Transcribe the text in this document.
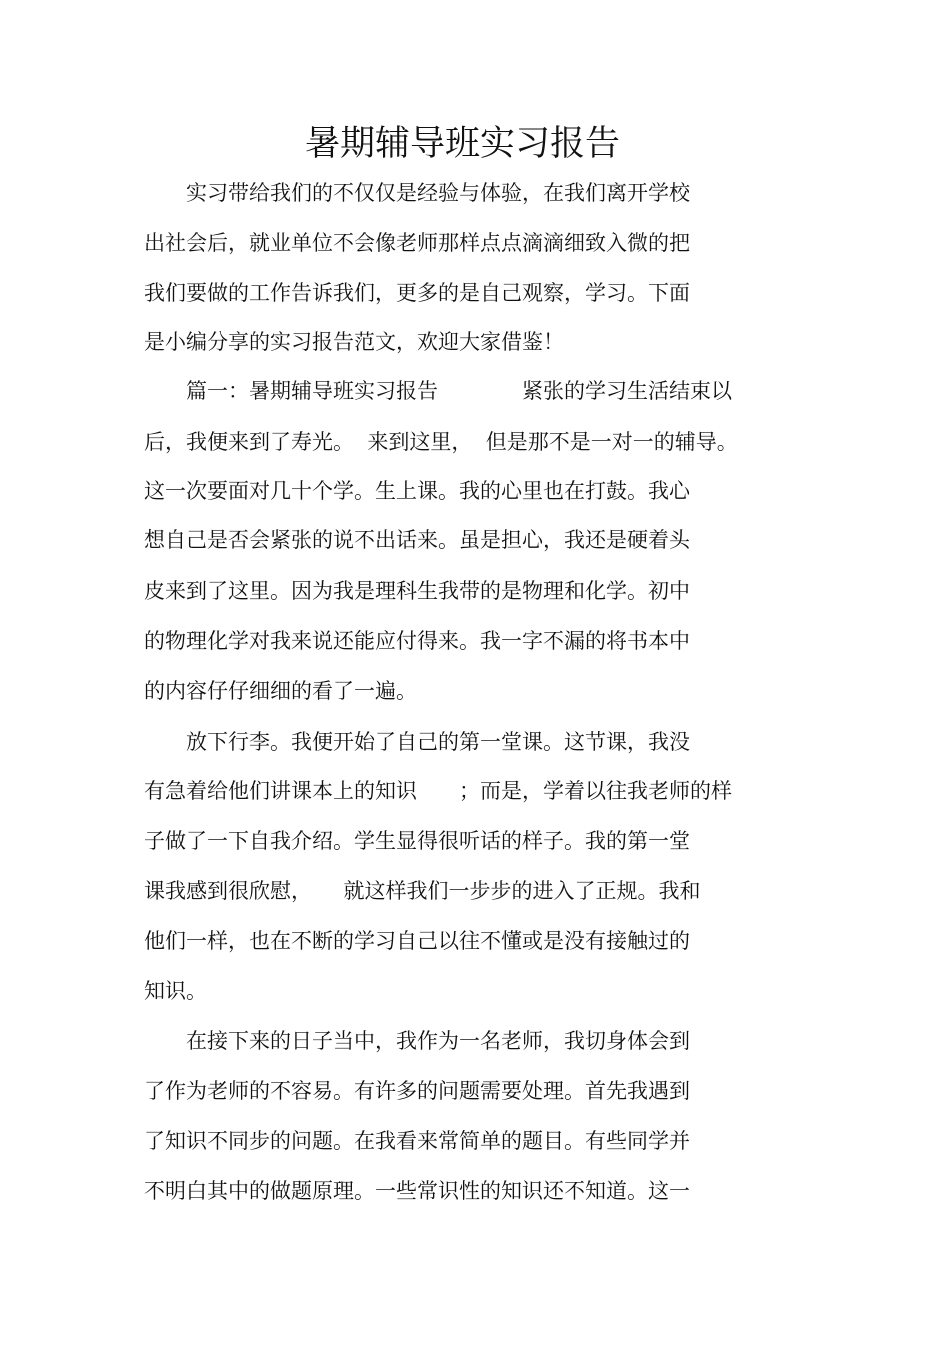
暑期辅导班实习报告

　　实习带给我们的不仅仅是经验与体验，在我们离开学校

出社会后，就业单位不会像老师那样点点滴滴细致入微的把

我们要做的工作告诉我们，更多的是自己观察，学习。下面

是小编分享的实习报告范文，欢迎大家借鉴！

　　篇一：暑期辅导班实习报告　　　　紧张的学习生活结束以

后，我便来到了寿光。  来到这里，  但是那不是一对一的辅导。

这一次要面对几十个学。生上课。我的心里也在打鼓。我心

想自己是否会紧张的说不出话来。虽是担心，我还是硬着头

皮来到了这里。因为我是理科生我带的是物理和化学。初中

的物理化学对我来说还能应付得来。我一字不漏的将书本中

的内容仔仔细细的看了一遍。

　　放下行李。我便开始了自己的第一堂课。这节课，我没

有急着给他们讲课本上的知识　　；而是，学着以往我老师的样

子做了一下自我介绍。学生显得很听话的样子。我的第一堂

课我感到很欣慰，　　就这样我们一步步的进入了正规。我和

他们一样，也在不断的学习自己以往不懂或是没有接触过的

知识。

　　在接下来的日子当中，我作为一名老师，我切身体会到

了作为老师的不容易。有许多的问题需要处理。首先我遇到

了知识不同步的问题。在我看来常简单的题目。有些同学并

不明白其中的做题原理。一些常识性的知识还不知道。这一
